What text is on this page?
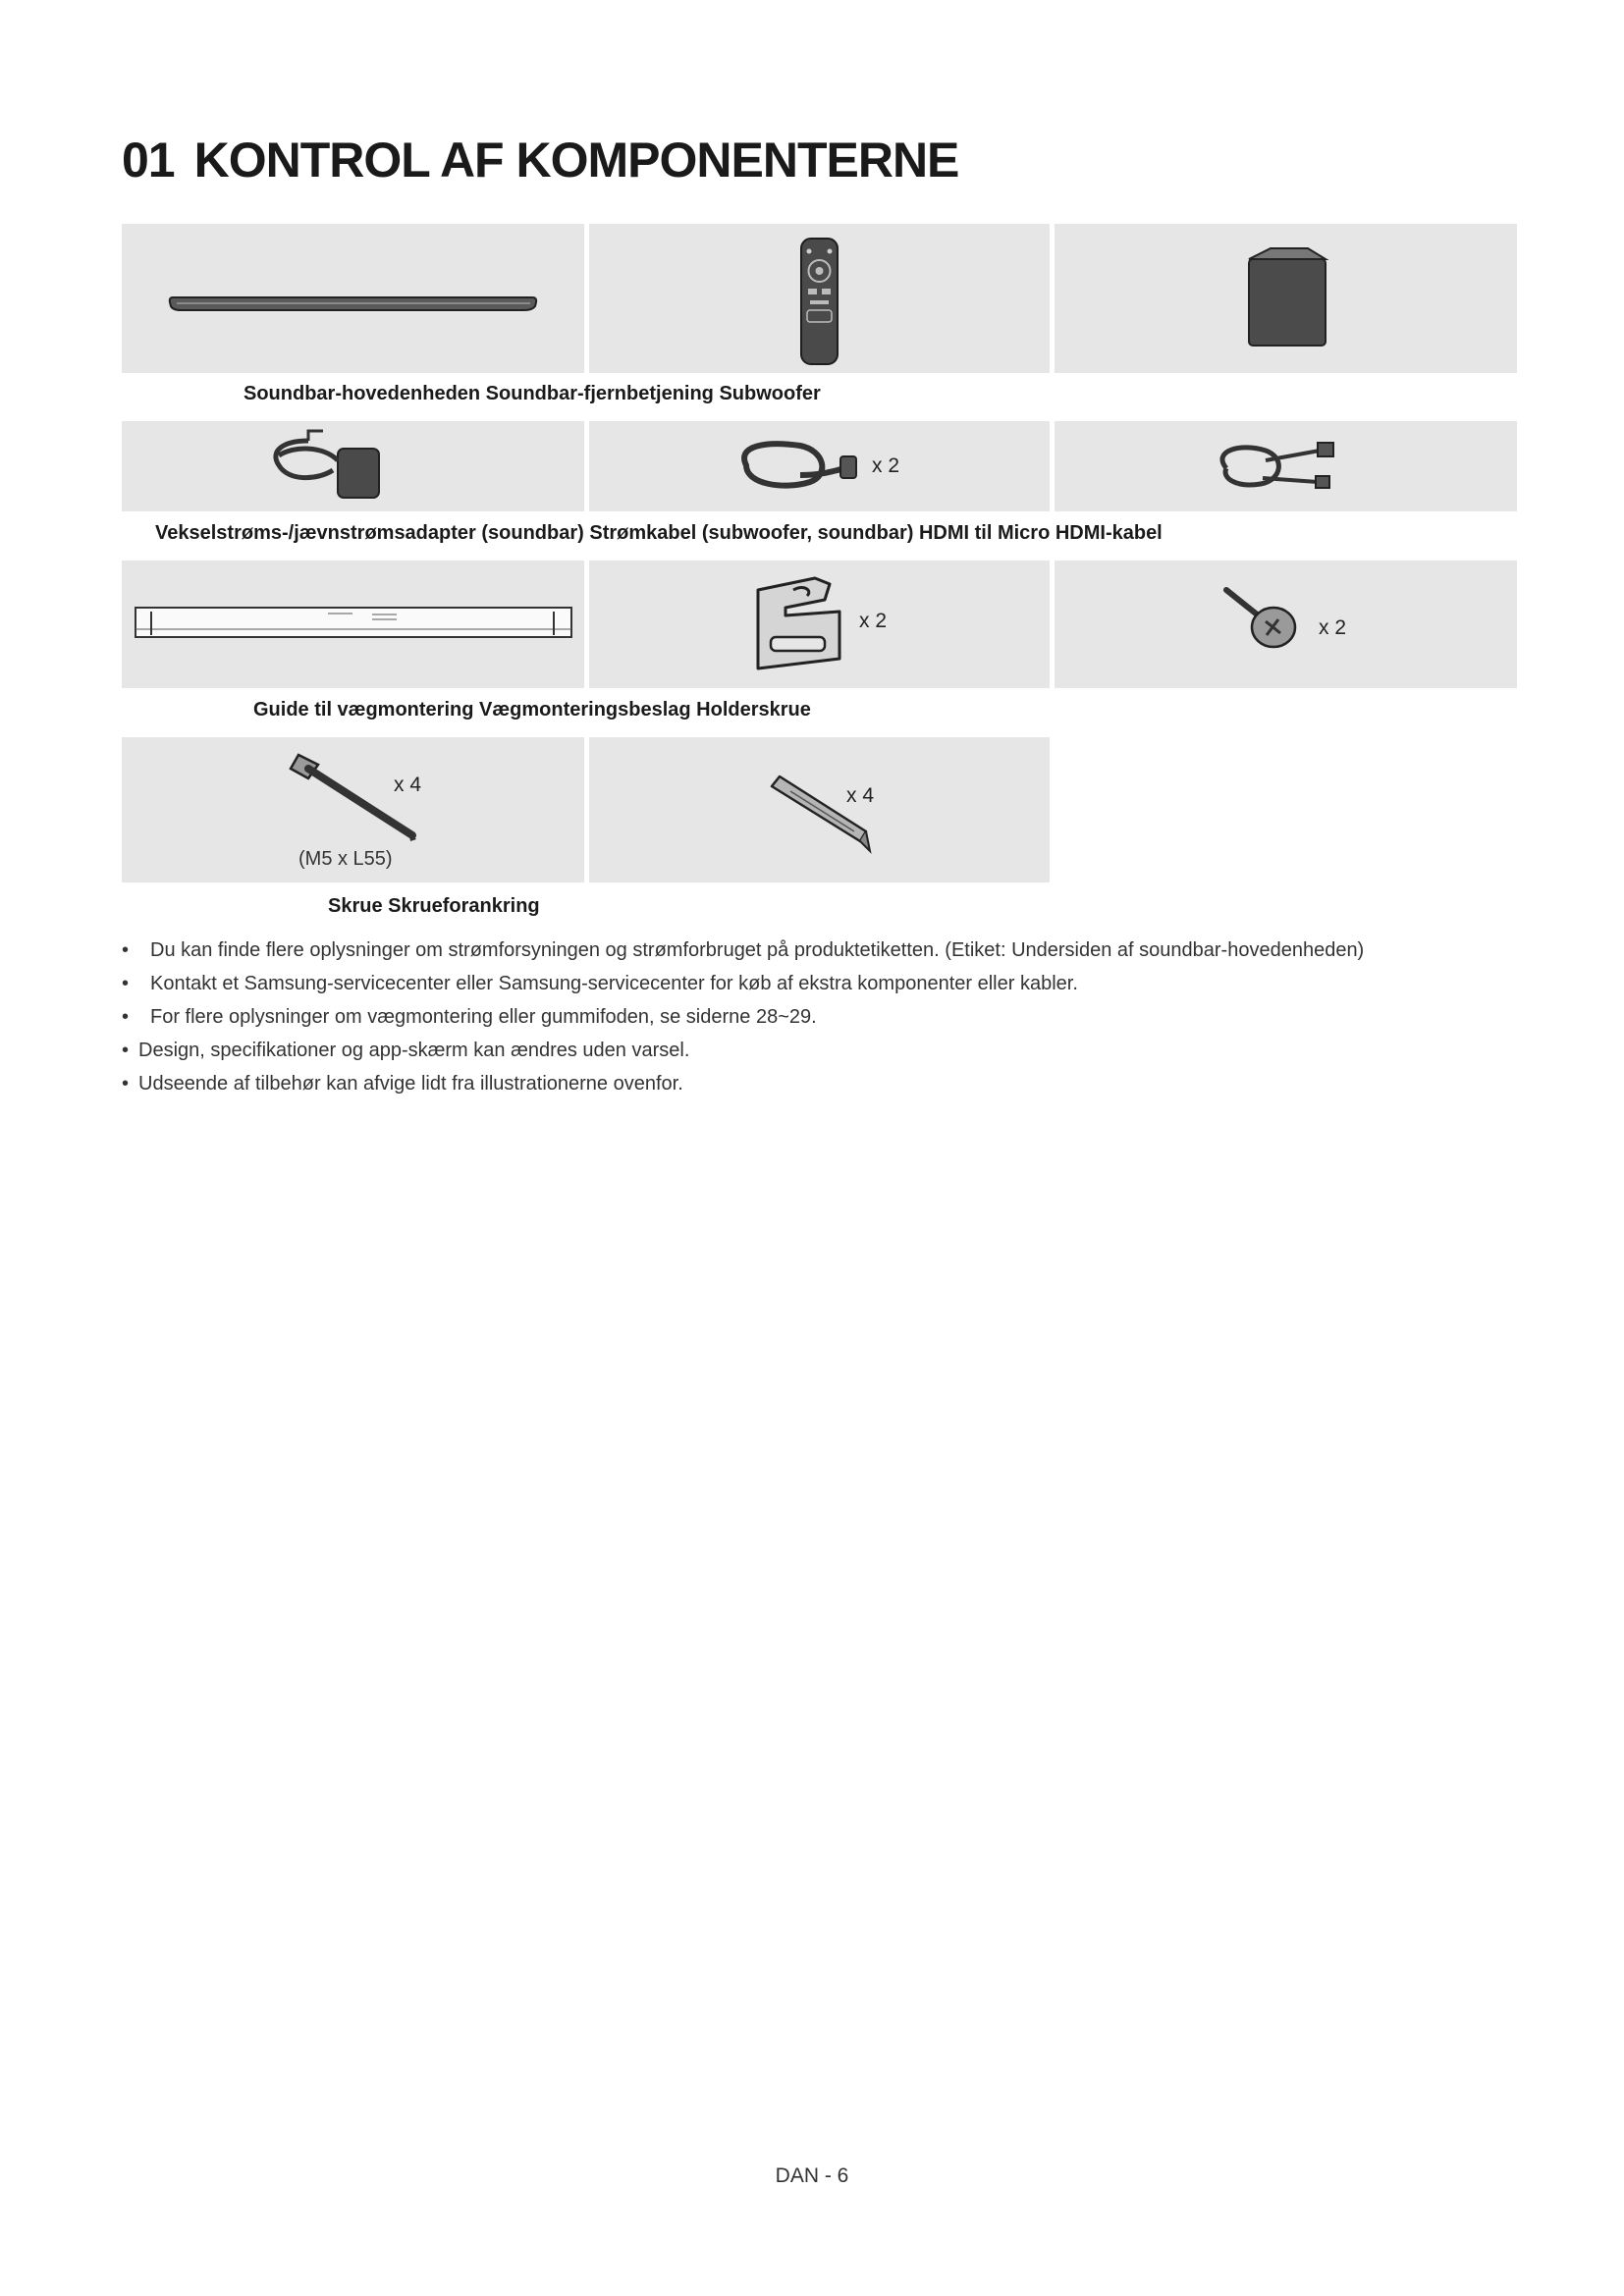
01 KONTROL AF KOMPONENTERNE
Soundbar-hovedenheden Soundbar-fjernbetjening Subwoofer
x 2
Vekselstrøms-/jævnstrømsadapter (soundbar) Strømkabel (subwoofer, soundbar) HDMI til Micro HDMI-kabel
x 2	x 2
Guide til vægmontering Vægmonteringsbeslag Holderskrue
x 4
(M5 x L55)
x 4
Skrue Skrueforankring
• Du kan finde flere oplysninger om strømforsyningen og strømforbruget på produktetiketten. (Etiket: Undersiden af soundbar-hovedenheden)
• Kontakt et Samsung-servicecenter eller Samsung-servicecenter for køb af ekstra komponenter eller kabler.
• For flere oplysninger om vægmontering eller gummifoden, se siderne 28~29.
• Design, specifikationer og app-skærm kan ændres uden varsel.
• Udseende af tilbehør kan afvige lidt fra illustrationerne ovenfor.
DAN - 6
